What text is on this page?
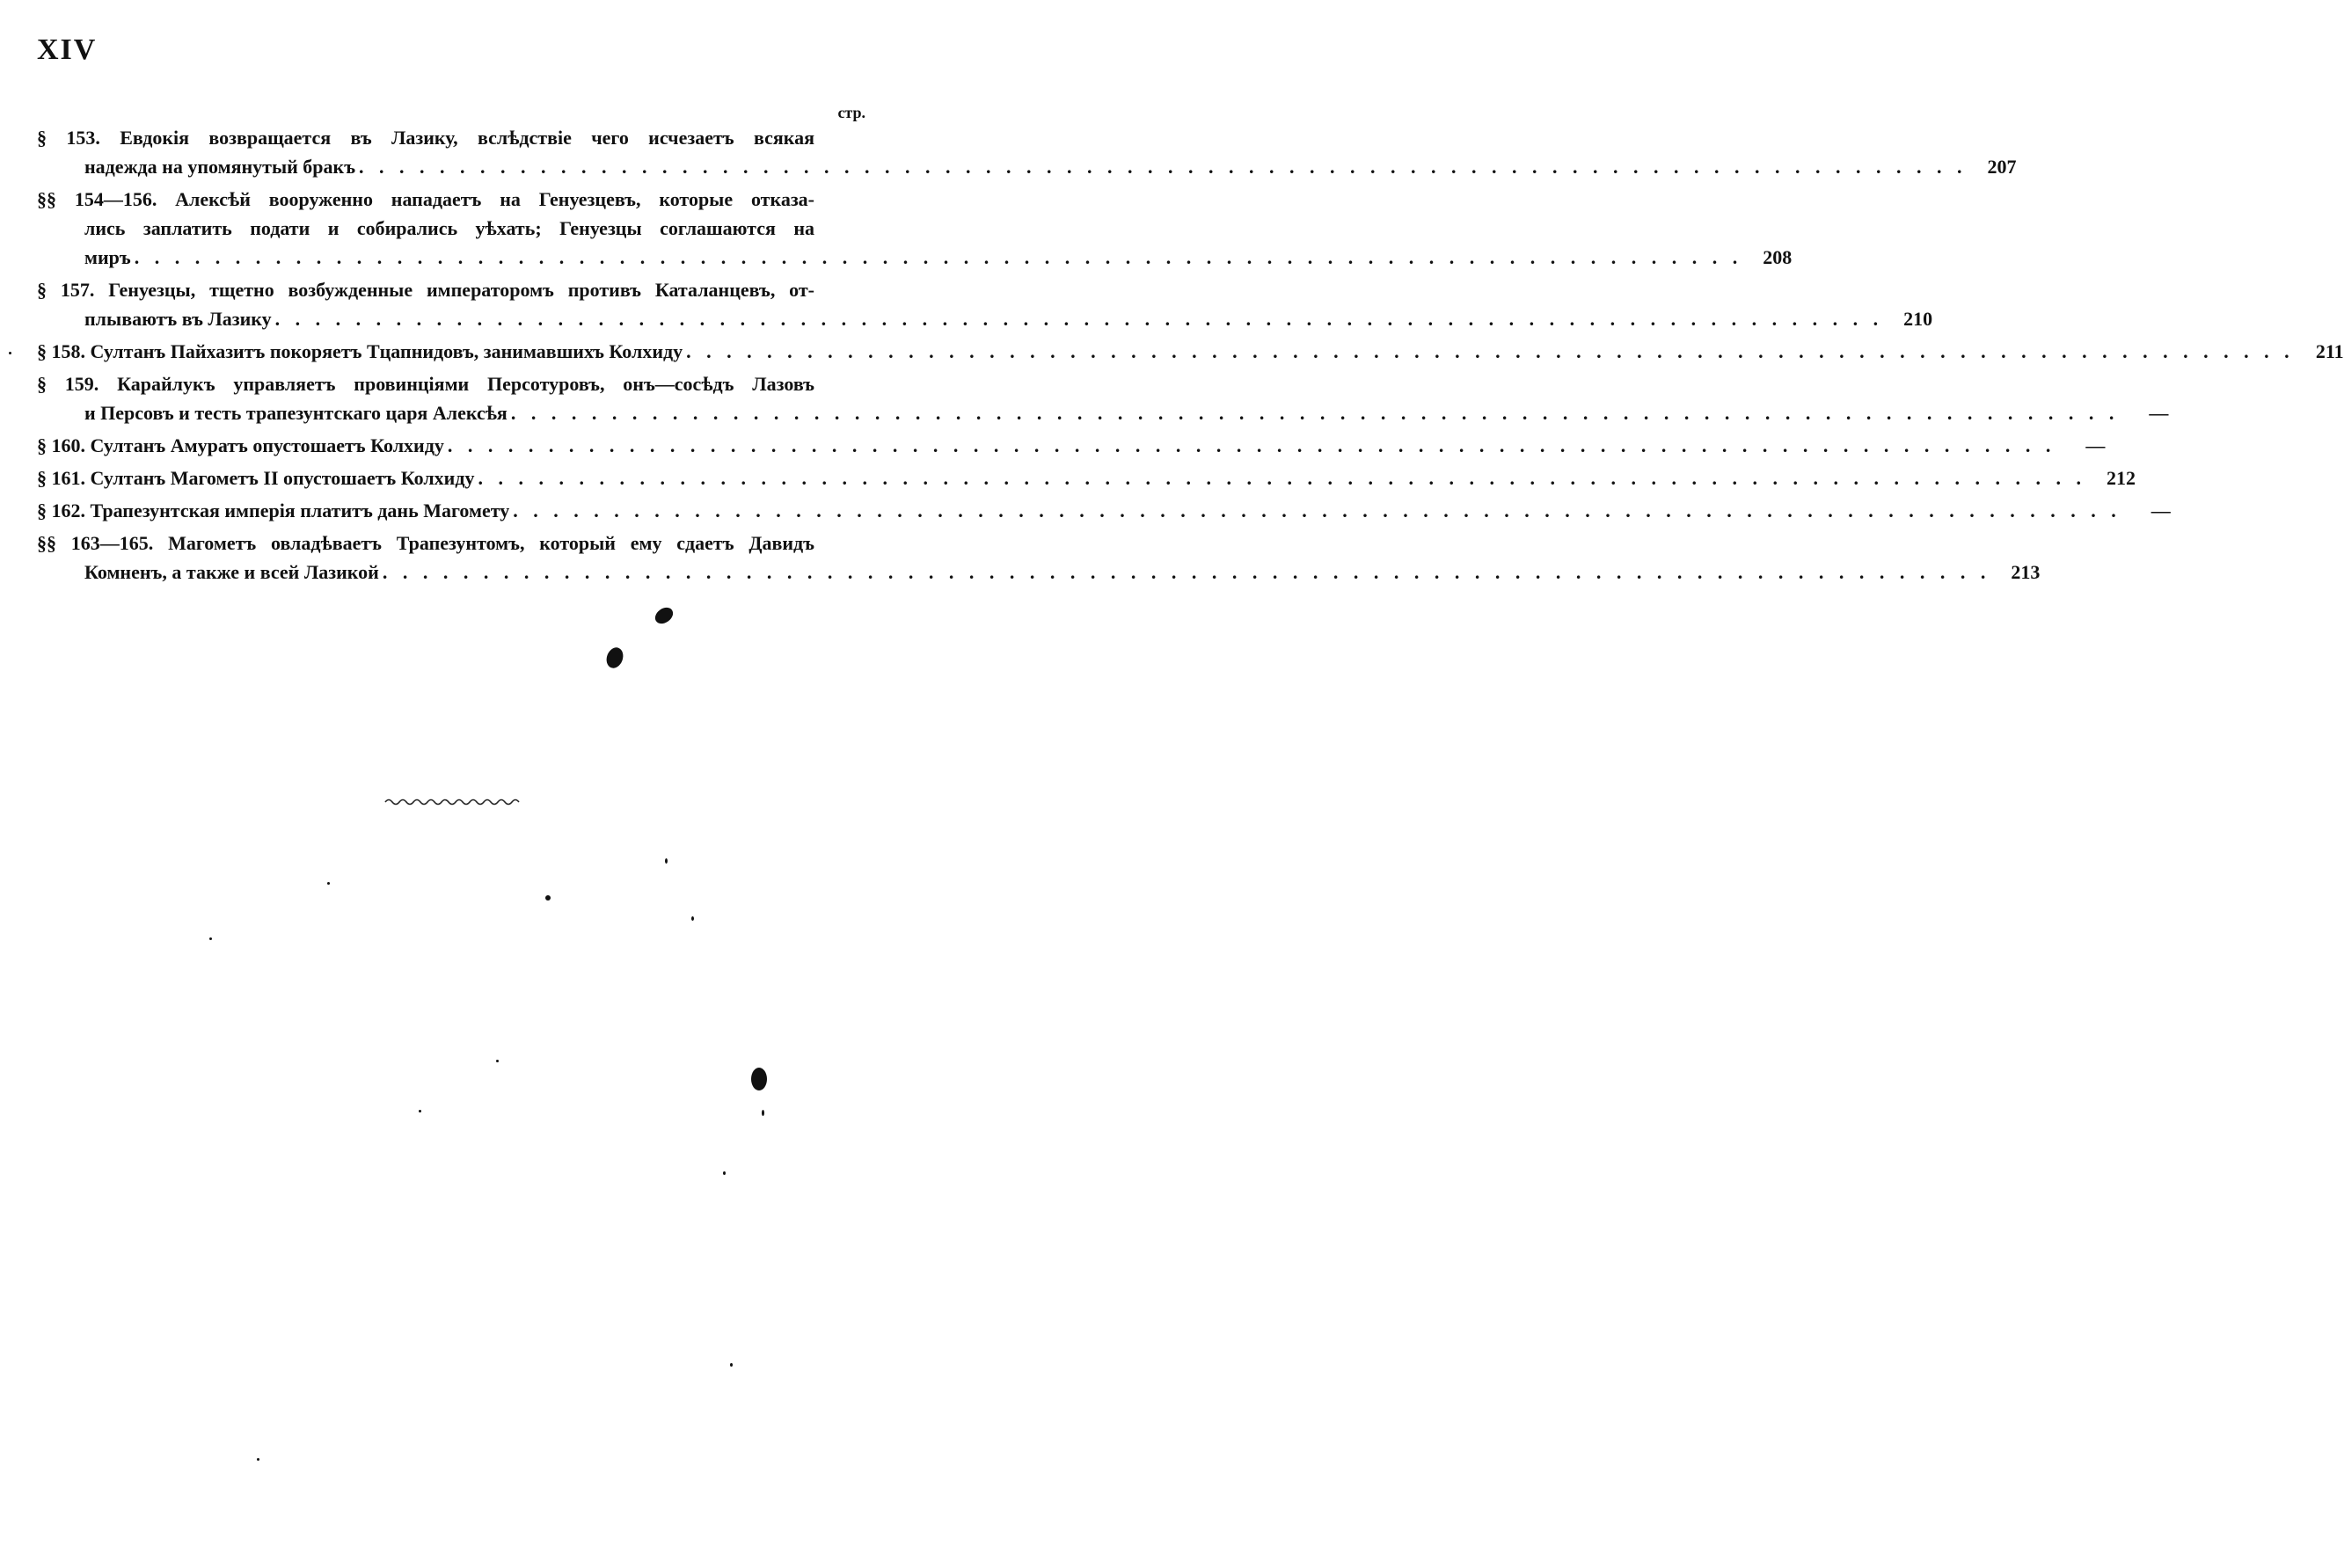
XIV
стр.
§ 153. Евдокія возвращается въ Лазику, вслѣдствіе чего исчезаетъ всякая
надежда на упомянутый бракъ . . . . . . . . . . . . . . . . . . . . . . . . . . . . . . . . . . . . . . . . . . . . . . . . . . . . . . . . . . . . . . . . . . . . . . . . . . . . . . . .	207
§§ 154—156. Алексѣй вооруженно нападаетъ на Генуезцевъ, которые отказа-
лись заплатить подати и собирались уѣхать; Генуезцы соглашаются на
миръ . . . . . . . . . . . . . . . . . . . . . . . . . . . . . . . . . . . . . . . . . . . . . . . . . . . . . . . . . . . . . . . . . . . . . . . . . . . . . . . .	208
§ 157. Генуезцы, тщетно возбужденные императоромъ противъ Каталанцевъ, от-
плываютъ въ Лазику . . . . . . . . . . . . . . . . . . . . . . . . . . . . . . . . . . . . . . . . . . . . . . . . . . . . . . . . . . . . . . . . . . . . . . . . . . . . . . . .	210
§ 158. Султанъ Пайхазитъ покоряетъ Тцапнидовъ, занимавшихъ Колхиду . . . . . . . . . . . . . . . . . . . . . . . . . . . . . . . . . . . . . . . . . . . . . . . . . . . . . . . . . . . . . . . . . . . . . . . . . . . . . . . .	211
§ 159. Карайлукъ управляетъ провинціями Персотуровъ, онъ—сосѣдъ Лазовъ
и Персовъ и тесть трапезунтскаго царя Алексѣя . . . . . . . . . . . . . . . . . . . . . . . . . . . . . . . . . . . . . . . . . . . . . . . . . . . . . . . . . . . . . . . . . . . . . . . . . . . . . . . .	—
§ 160. Султанъ Амуратъ опустошаетъ Колхиду . . . . . . . . . . . . . . . . . . . . . . . . . . . . . . . . . . . . . . . . . . . . . . . . . . . . . . . . . . . . . . . . . . . . . . . . . . . . . . . .	—
§ 161. Султанъ Магометъ II опустошаетъ Колхиду . . . . . . . . . . . . . . . . . . . . . . . . . . . . . . . . . . . . . . . . . . . . . . . . . . . . . . . . . . . . . . . . . . . . . . . . . . . . . . . .	212
§ 162. Трапезунтская имперія платитъ дань Магомету . . . . . . . . . . . . . . . . . . . . . . . . . . . . . . . . . . . . . . . . . . . . . . . . . . . . . . . . . . . . . . . . . . . . . . . . . . . . . . . .	—
§§ 163—165. Магометъ овладѣваетъ Трапезунтомъ, который ему сдаетъ Давидъ
Комненъ, а также и всей Лазикой . . . . . . . . . . . . . . . . . . . . . . . . . . . . . . . . . . . . . . . . . . . . . . . . . . . . . . . . . . . . . . . . . . . . . . . . . . . . . . . .	213
